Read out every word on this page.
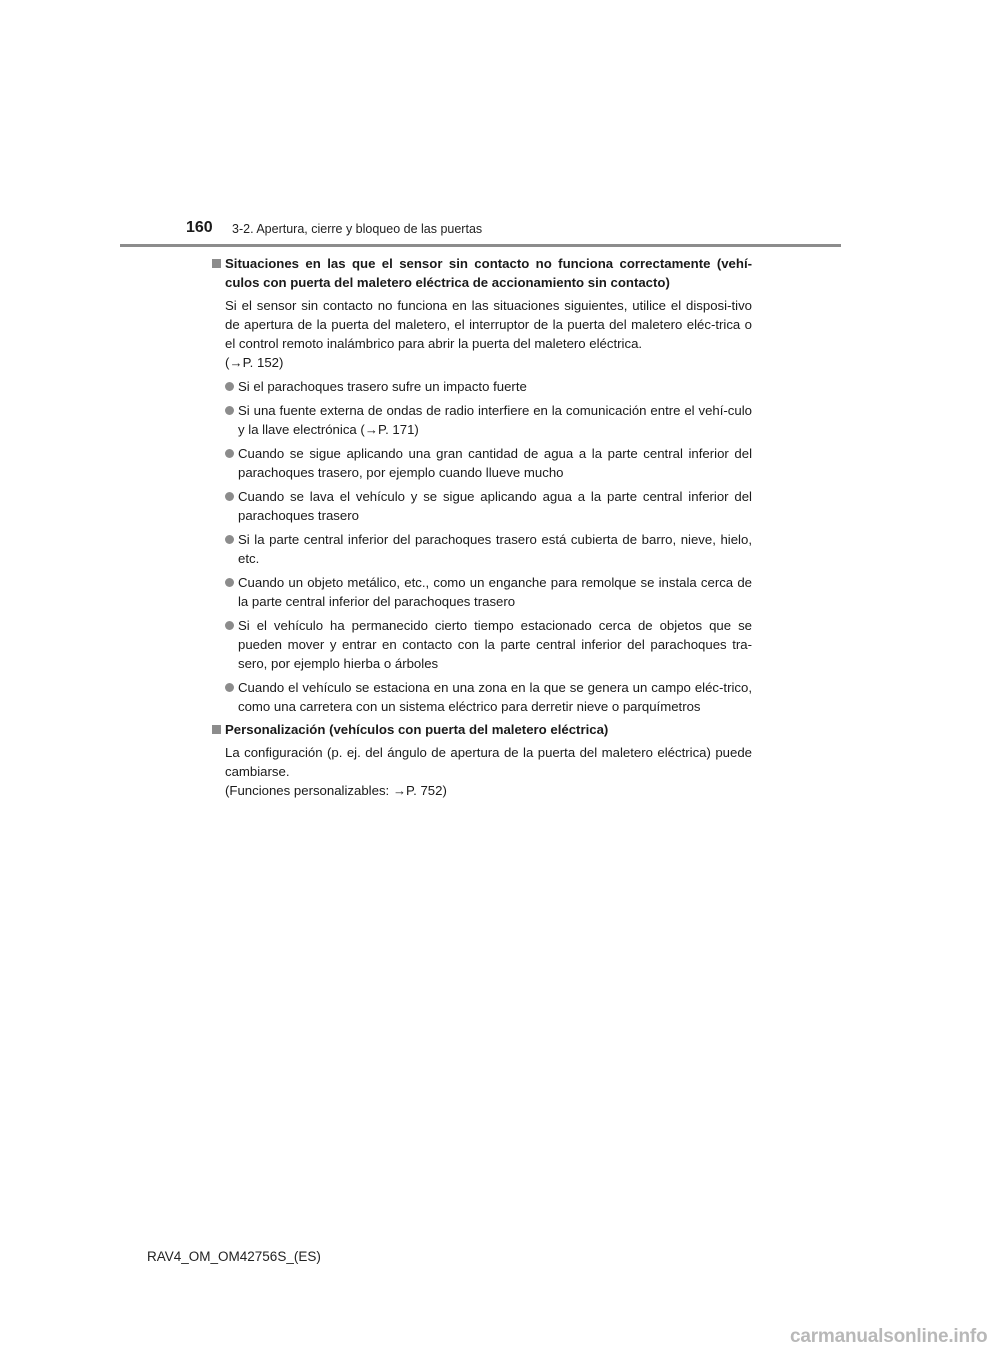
160 3-2. Apertura, cierre y bloqueo de las puertas
Situaciones en las que el sensor sin contacto no funciona correctamente (vehí-culos con puerta del maletero eléctrica de accionamiento sin contacto)
Si el sensor sin contacto no funciona en las situaciones siguientes, utilice el disposi-tivo de apertura de la puerta del maletero, el interruptor de la puerta del maletero eléc-trica o el control remoto inalámbrico para abrir la puerta del maletero eléctrica.
(→P. 152)
Si el parachoques trasero sufre un impacto fuerte
Si una fuente externa de ondas de radio interfiere en la comunicación entre el vehí-culo y la llave electrónica (→P. 171)
Cuando se sigue aplicando una gran cantidad de agua a la parte central inferior del parachoques trasero, por ejemplo cuando llueve mucho
Cuando se lava el vehículo y se sigue aplicando agua a la parte central inferior del parachoques trasero
Si la parte central inferior del parachoques trasero está cubierta de barro, nieve, hielo, etc.
Cuando un objeto metálico, etc., como un enganche para remolque se instala cerca de la parte central inferior del parachoques trasero
Si el vehículo ha permanecido cierto tiempo estacionado cerca de objetos que se pueden mover y entrar en contacto con la parte central inferior del parachoques tra-sero, por ejemplo hierba o árboles
Cuando el vehículo se estaciona en una zona en la que se genera un campo eléc-trico, como una carretera con un sistema eléctrico para derretir nieve o parquímetros
Personalización (vehículos con puerta del maletero eléctrica)
La configuración (p. ej. del ángulo de apertura de la puerta del maletero eléctrica) puede cambiarse.
(Funciones personalizables: →P. 752)
RAV4_OM_OM42756S_(ES)
carmanualsonline.info
